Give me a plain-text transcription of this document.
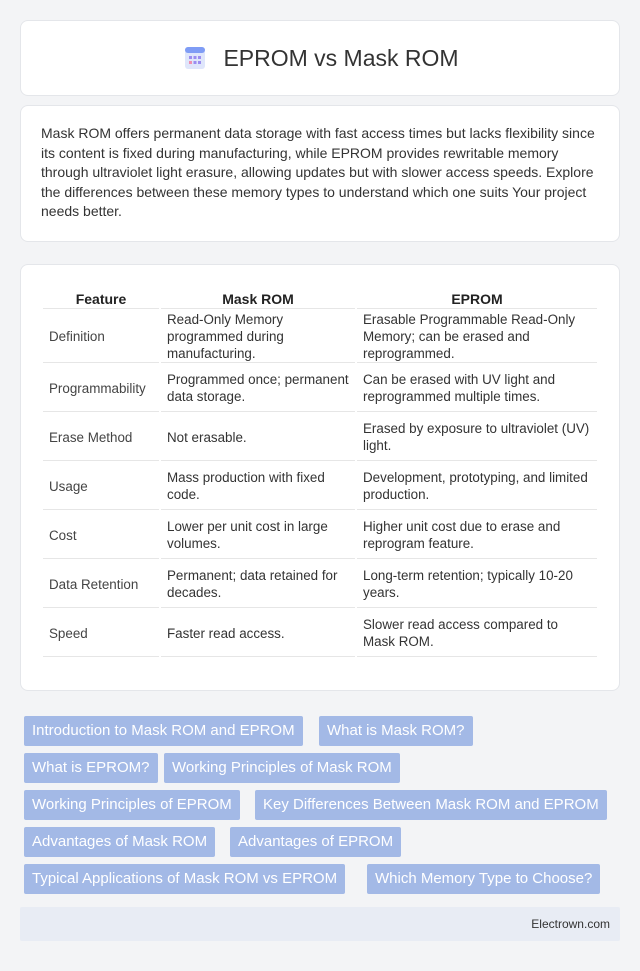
EPROM vs Mask ROM

Mask ROM offers permanent data storage with fast access times but lacks flexibility since its content is fixed during manufacturing, while EPROM provides rewritable memory through ultraviolet light erasure, allowing updates but with slower access speeds. Explore the differences between these memory types to understand which one suits Your project needs better.

Feature	Mask ROM	EPROM
Definition	Read-Only Memory programmed during manufacturing.	Erasable Programmable Read-Only Memory; can be erased and reprogrammed.
Programmability	Programmed once; permanent data storage.	Can be erased with UV light and reprogrammed multiple times.
Erase Method	Not erasable.	Erased by exposure to ultraviolet (UV) light.
Usage	Mass production with fixed code.	Development, prototyping, and limited production.
Cost	Lower per unit cost in large volumes.	Higher unit cost due to erase and reprogram feature.
Data Retention	Permanent; data retained for decades.	Long-term retention; typically 10-20 years.
Speed	Faster read access.	Slower read access compared to Mask ROM.
Introduction to Mask ROM and EPROM	What is Mask ROM?
What is EPROM?	Working Principles of Mask ROM
Working Principles of EPROM	Key Differences Between Mask ROM and EPROM
Advantages of Mask ROM	Advantages of EPROM
Typical Applications of Mask ROM vs EPROM	Which Memory Type to Choose?
Electrown.com
